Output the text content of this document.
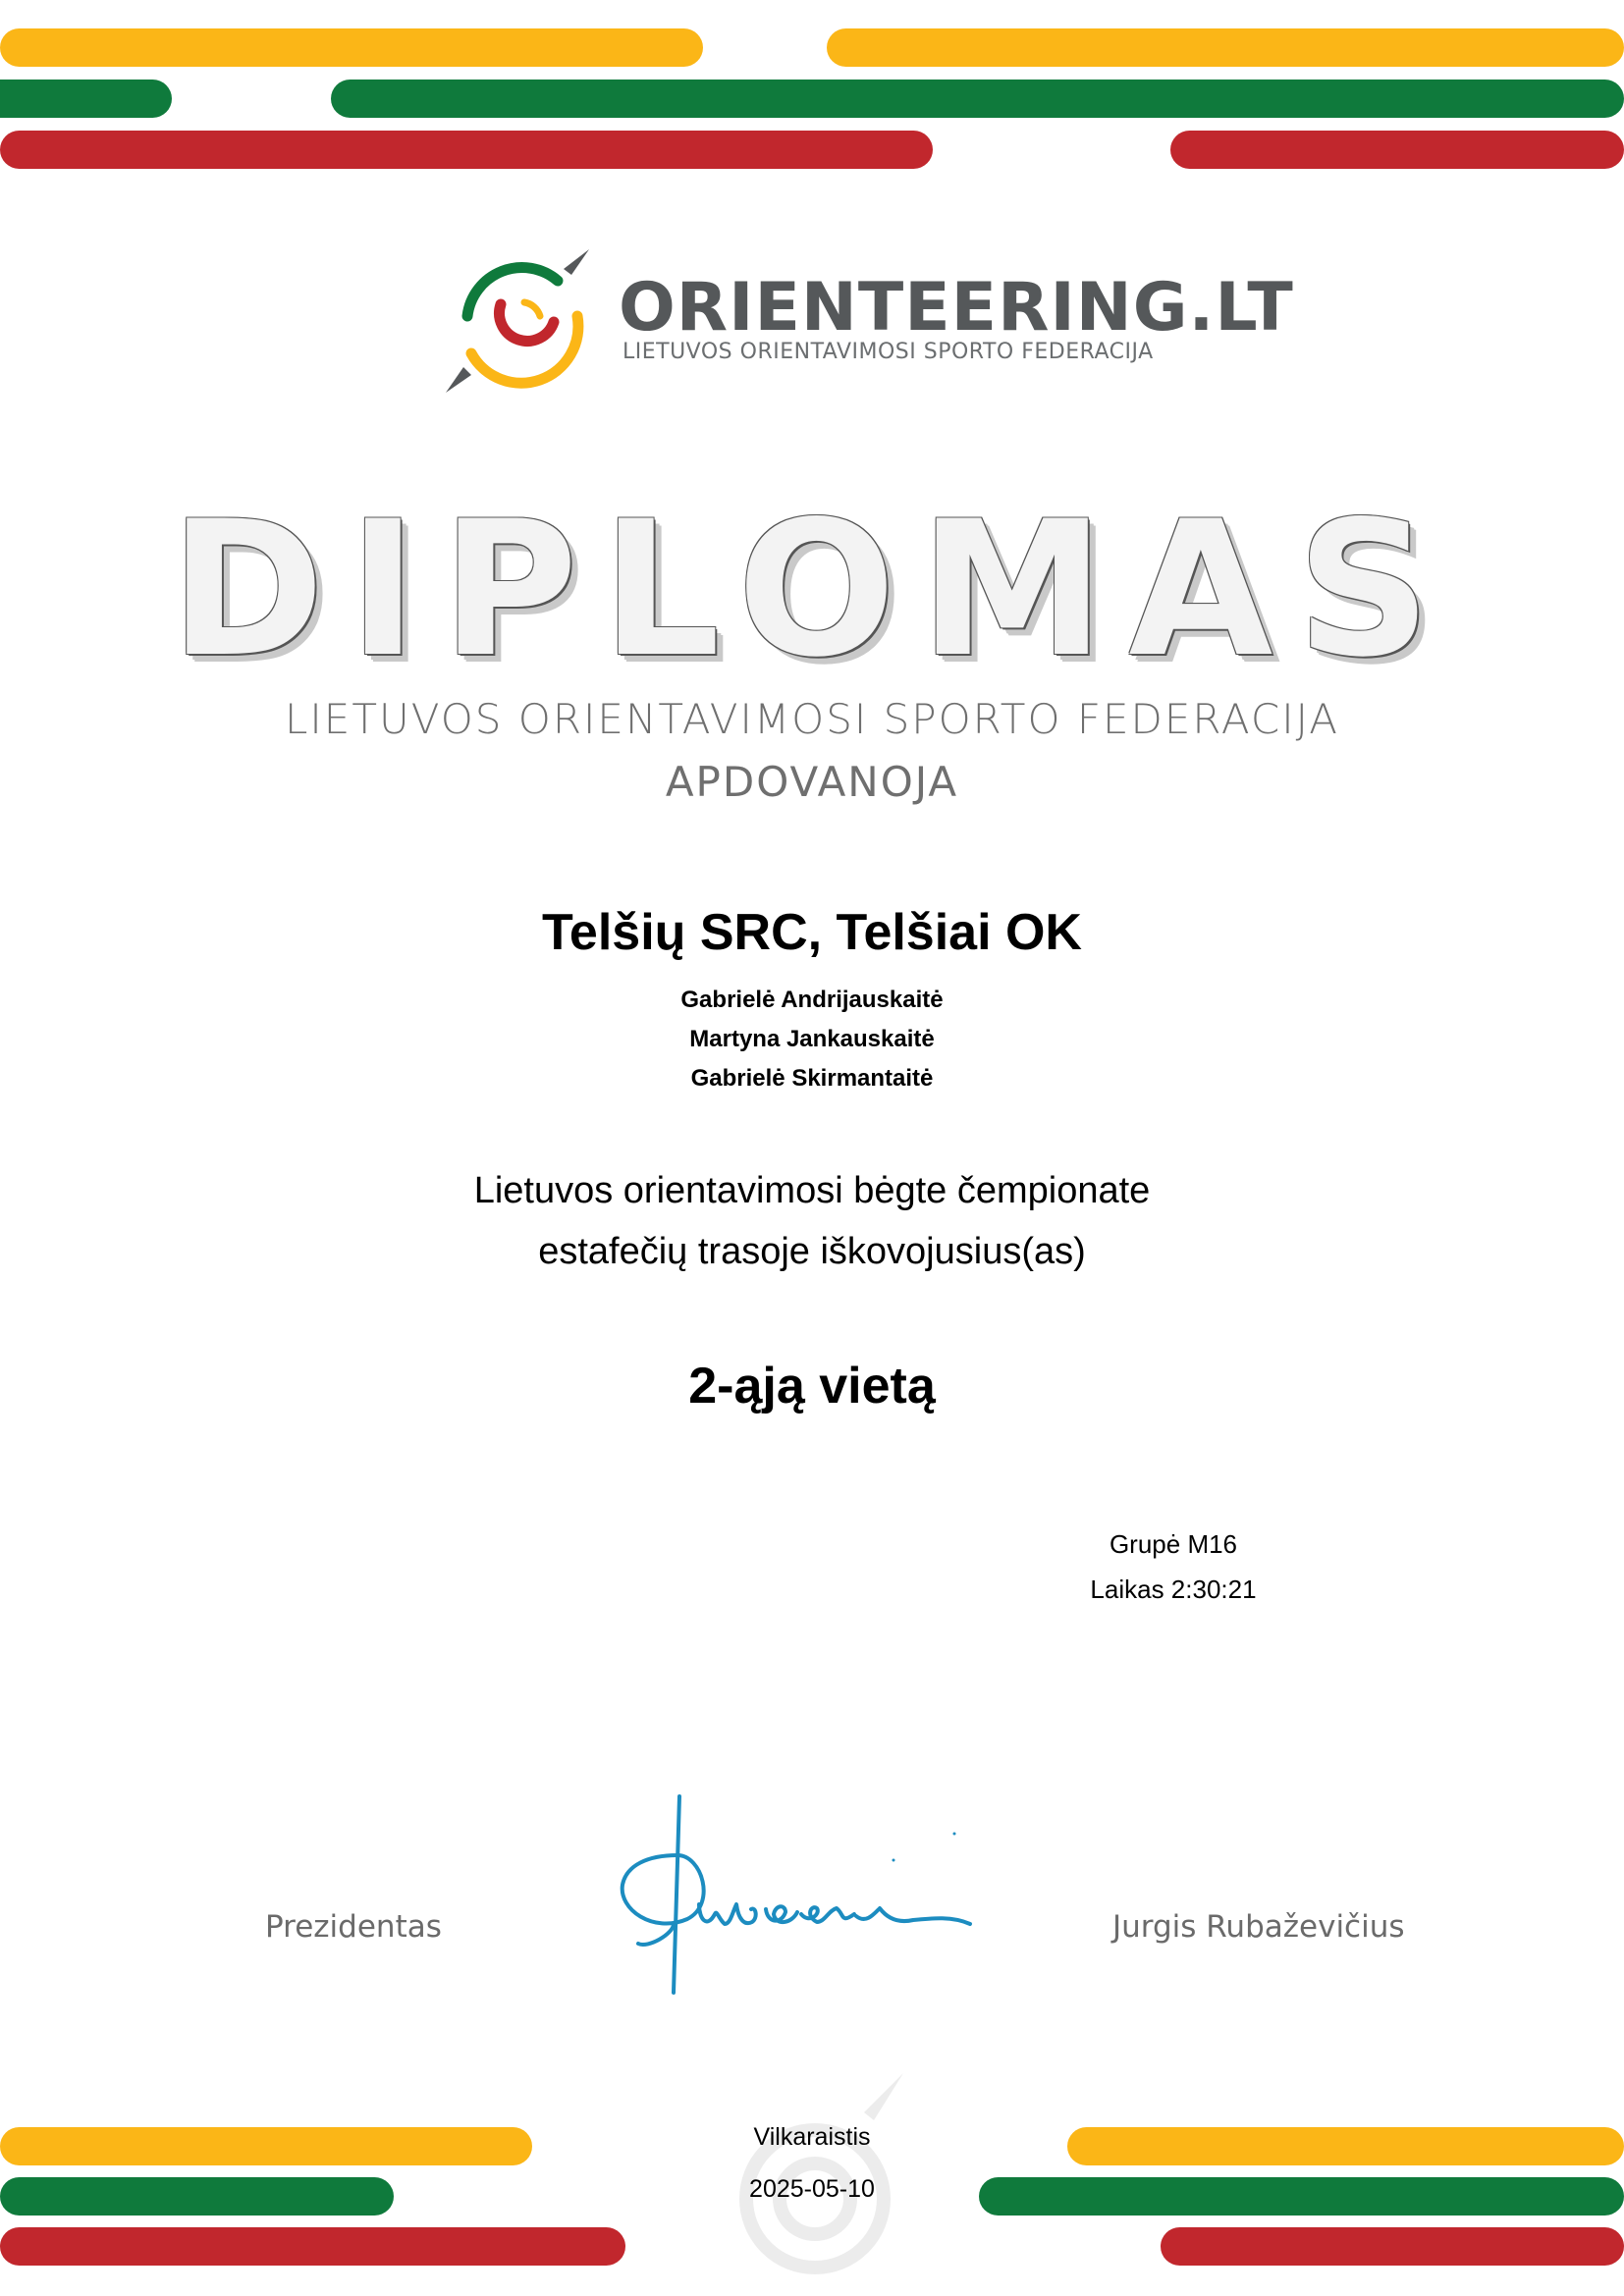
ORIENTEERING.LT
LIETUVOS ORIENTAVIMOSI SPORTO FEDERACIJA
DIPLOMAS
LIETUVOS ORIENTAVIMOSI SPORTO FEDERACIJA
APDOVANOJA
Telšių SRC, Telšiai OK
Gabrielė Andrijauskaitė
Martyna Jankauskaitė
Gabrielė Skirmantaitė
Lietuvos orientavimosi bėgte čempionate
estafečių trasoje iškovojusius(as)
2-ąją vietą
Grupė M16
Laikas 2:30:21
Prezidentas	Jurgis Rubaževičius
Vilkaraistis
2025-05-10
